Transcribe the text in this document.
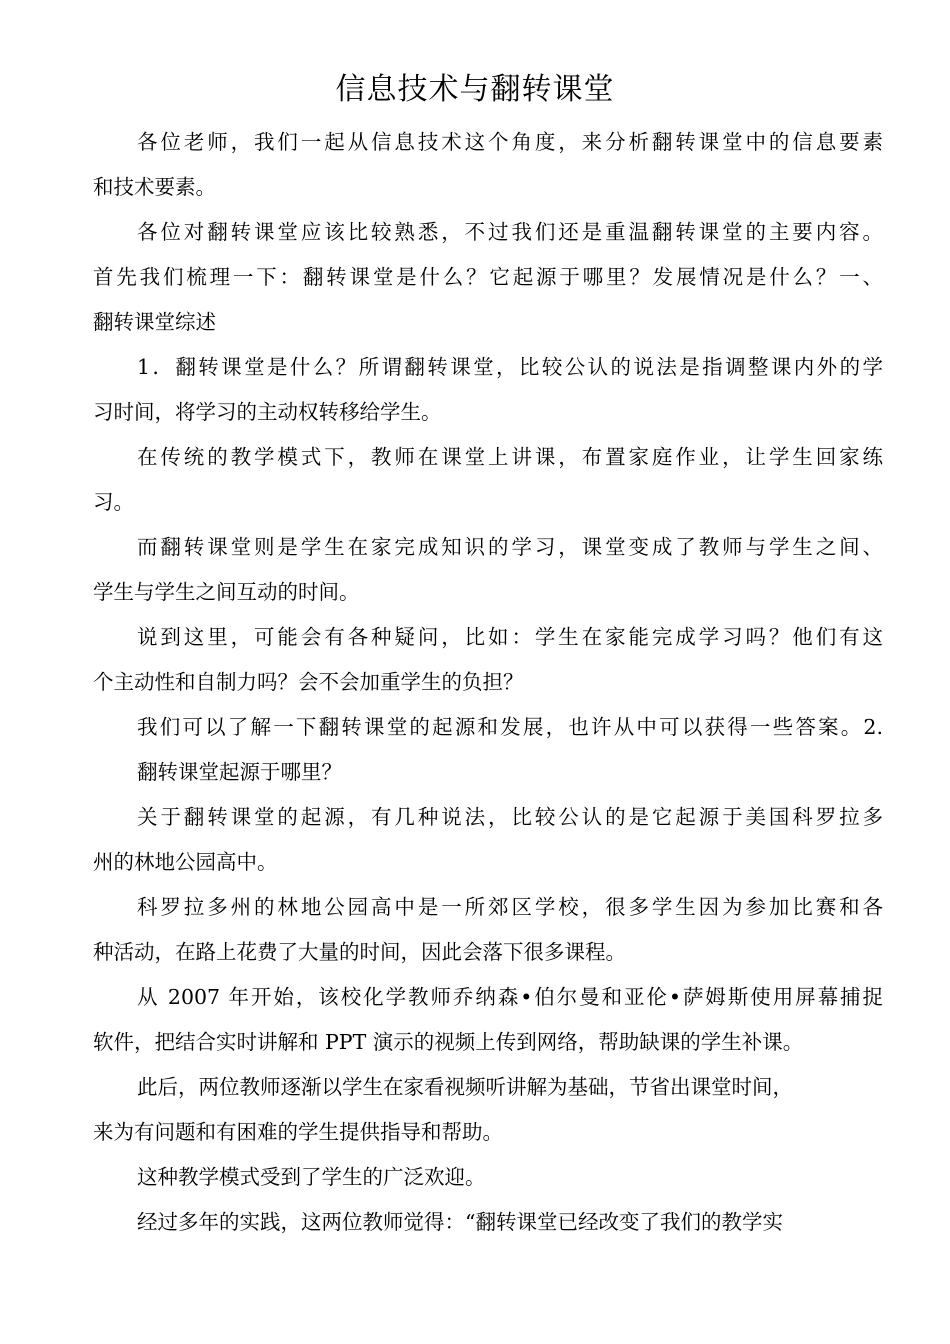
信息技术与翻转课堂
各位老师，我们一起从信息技术这个角度，来分析翻转课堂中的信息要素
和技术要素。
各位对翻转课堂应该比较熟悉，不过我们还是重温翻转课堂的主要内容。
首先我们梳理一下：翻转课堂是什么？它起源于哪里？发展情况是什么？一、
翻转课堂综述
1．翻转课堂是什么？所谓翻转课堂，比较公认的说法是指调整课内外的学
习时间，将学习的主动权转移给学生。
在传统的教学模式下，教师在课堂上讲课，布置家庭作业，让学生回家练
习。
而翻转课堂则是学生在家完成知识的学习，课堂变成了教师与学生之间、
学生与学生之间互动的时间。
说到这里，可能会有各种疑问，比如：学生在家能完成学习吗？他们有这
个主动性和自制力吗？会不会加重学生的负担？
我们可以了解一下翻转课堂的起源和发展，也许从中可以获得一些答案。2.
翻转课堂起源于哪里？
关于翻转课堂的起源，有几种说法，比较公认的是它起源于美国科罗拉多
州的林地公园高中。
科罗拉多州的林地公园高中是一所郊区学校，很多学生因为参加比赛和各
种活动，在路上花费了大量的时间，因此会落下很多课程。
从 2007 年开始，该校化学教师乔纳森•伯尔曼和亚伦•萨姆斯使用屏幕捕捉
软件，把结合实时讲解和 PPT 演示的视频上传到网络，帮助缺课的学生补课。
此后，两位教师逐渐以学生在家看视频听讲解为基础，节省出课堂时间，
来为有问题和有困难的学生提供指导和帮助。
这种教学模式受到了学生的广泛欢迎。
经过多年的实践，这两位教师觉得：“翻转课堂已经改变了我们的教学实
